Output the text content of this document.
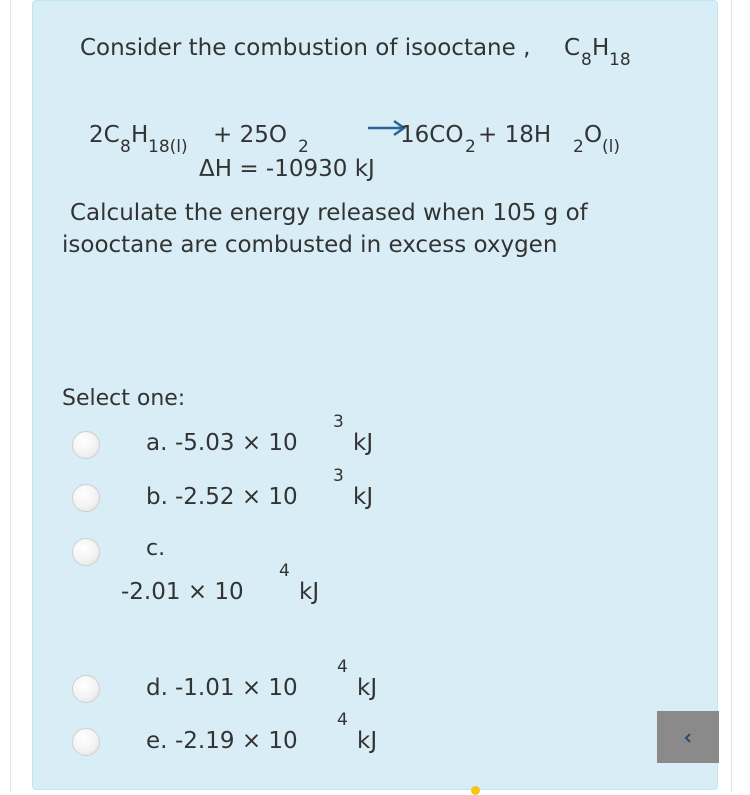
Consider the combustion of isooctane , C 8 H 18
2C 8 H 18(l) + 25O 2	16CO 2 + 18H 2 O (l)
ΔH = -10930 kJ
Calculate the energy released when 105 g of
isooctane are combusted in excess oxygen
Select one:
a. -5.03 × 10
3
kJ
b. -2.52 × 10
3
kJ
c.
-2.01 × 10
4
kJ
d. -1.01 × 10
4
kJ
e. -2.19 × 10
4
kJ
